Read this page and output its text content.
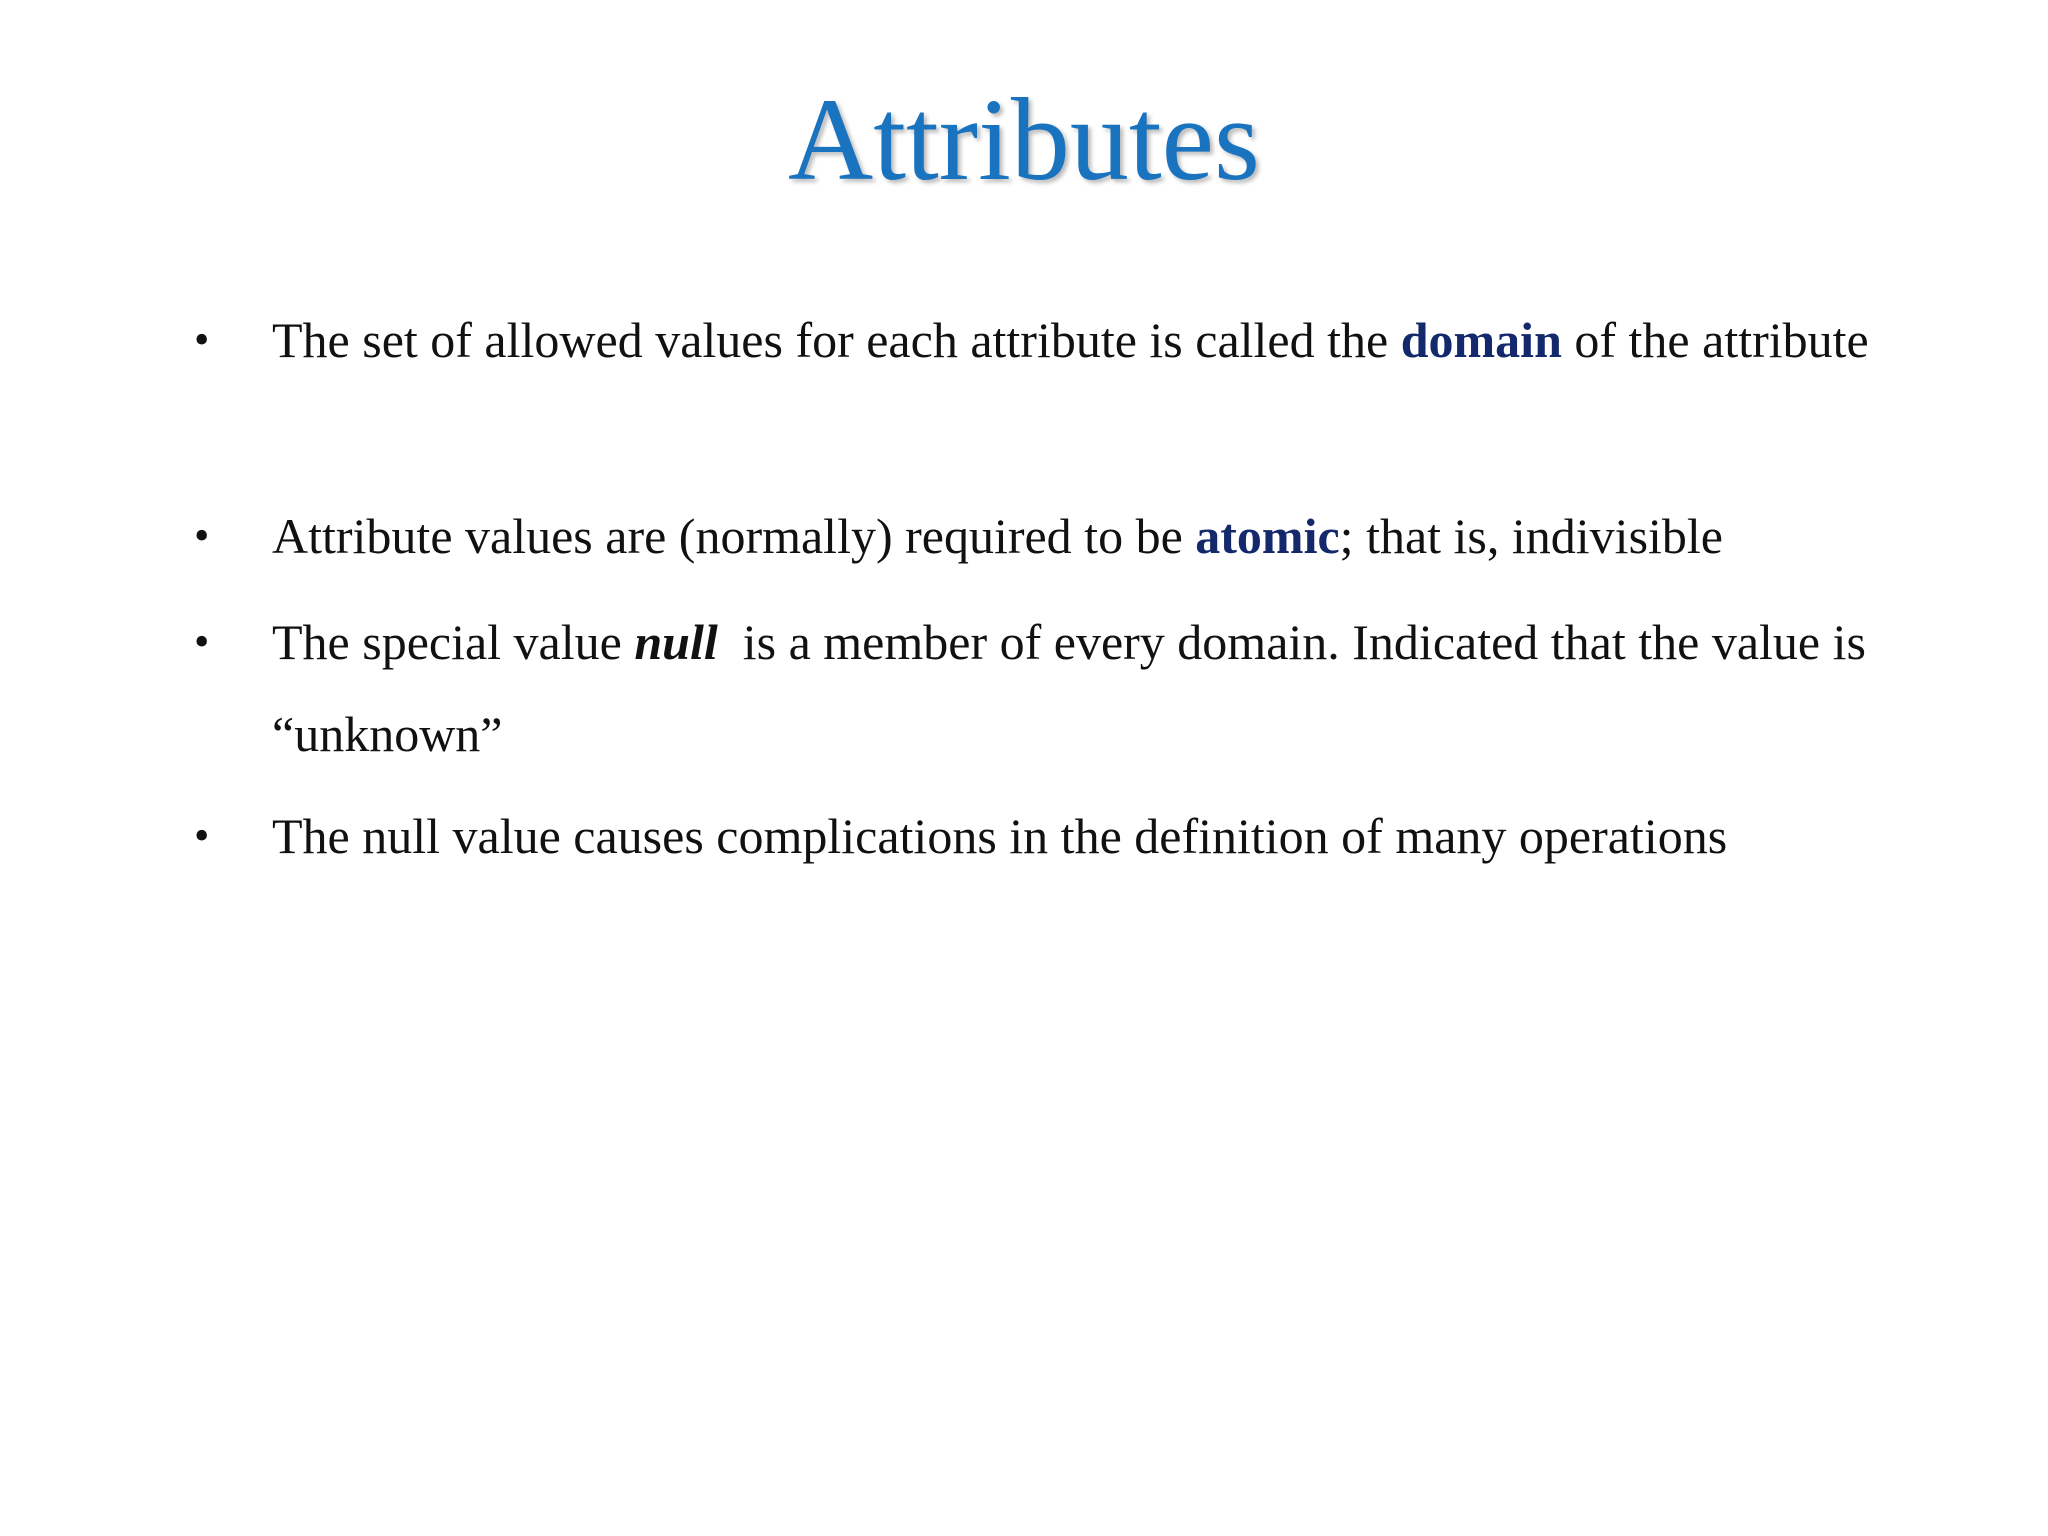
Attributes
• The set of allowed values for each attribute is called the domain of the attribute

• Attribute values are (normally) required to be atomic; that is, indivisible

• The special value null  is a member of every domain. Indicated that the value is “unknown”

• The null value causes complications in the definition of many operations
